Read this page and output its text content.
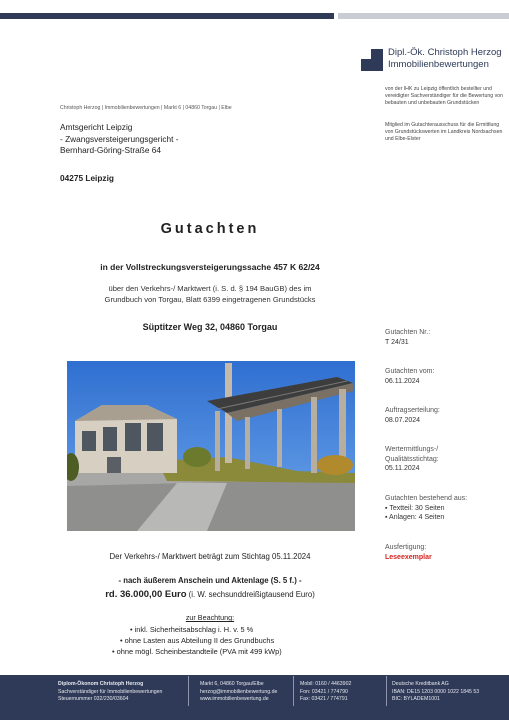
Dipl.-Ök. Christoph Herzog
Immobilienbewertungen
von der IHK zu Leipzig öffentlich bestellter und vereidigter Sachverständiger für die Bewertung von bebauten und unbebauten Grundstücken
Mitglied im Gutachterausschuss für die Ermittlung von Grundstückswerten im Landkreis Nordsachsen und Elbe-Elster
Christoph Herzog | Immobilienbewertungen | Markt 6 | 04860 Torgau | Elbe
Amtsgericht Leipzig
- Zwangsversteigerungsgericht -
Bernhard-Göring-Straße 64
04275 Leipzig
Gutachten
in der Vollstreckungsversteigerungssache 457 K 62/24
über den Verkehrs-/ Marktwert (i. S. d. § 194 BauGB) des im
Grundbuch von Torgau, Blatt 6399 eingetragenen Grundstücks
Süptitzer Weg 32, 04860 Torgau
Gutachten Nr.:
T 24/31
Gutachten vom:
06.11.2024
Auftragserteilung:
08.07.2024
Wertermittlungs-/
Qualitätsstichtag:
05.11.2024
Gutachten bestehend aus:
▪ Textteil: 30 Seiten
▪ Anlagen: 4 Seiten
Ausfertigung:
Leseexemplar
Der Verkehrs-/ Marktwert beträgt zum Stichtag 05.11.2024
- nach äußerem Anschein und Aktenlage (S. 5 f.) -
rd. 36.000,00 Euro (i. W. sechsunddreißigtausend Euro)
zur Beachtung:
• inkl. Sicherheitsabschlag i. H. v. 5 %
• ohne Lasten aus Abteilung II des Grundbuchs
• ohne mögl. Scheinbestandteile (PVA mit 499 kWp)
Diplom-Ökonom Christoph Herzog
Sachverständiger für Immobilienbewertungen
Steuernummer 032/230/03604
Markt 6, 04860 Torgau/Elbe
herzog@immobilienbewertung.de
www.immobilienbewertung.de
Mobil: 0160 / 4463902
Fon: 03421 / 774790
Fax: 03421 / 774791
Deutsche Kreditbank AG
IBAN: DE15 1203 0000 1022 1845 53
BIC: BYLADEM1001
